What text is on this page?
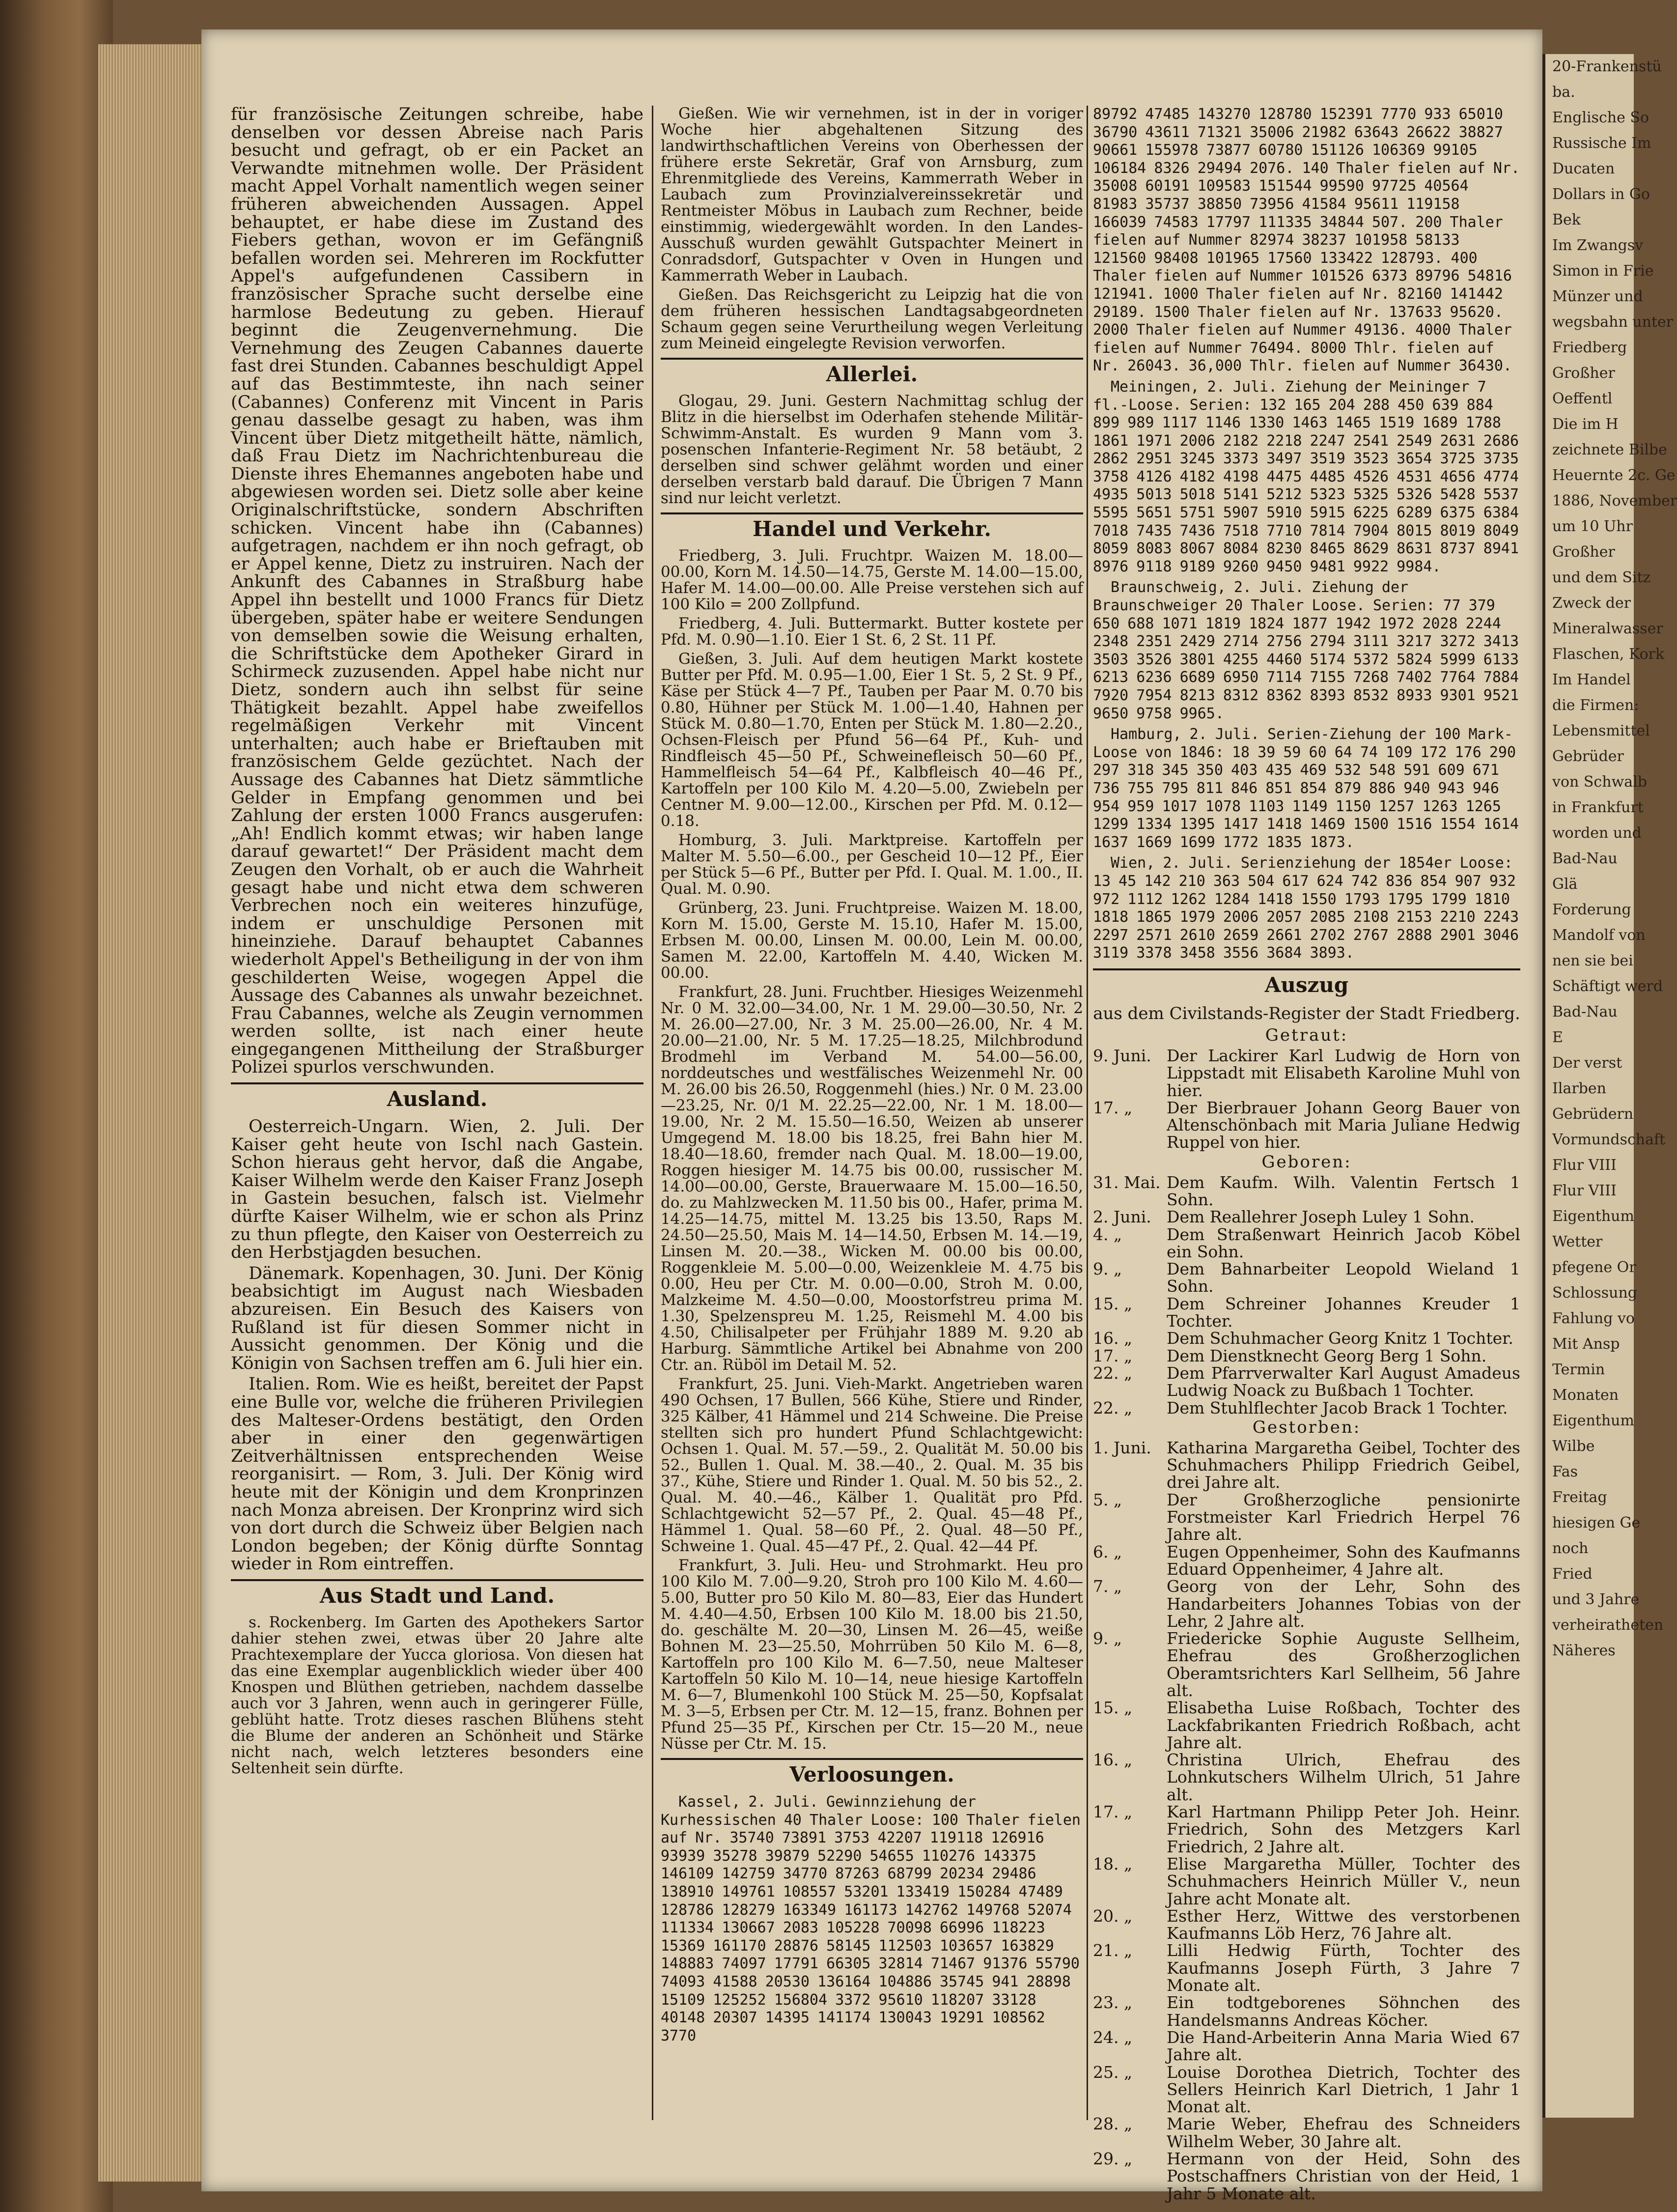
für französische Zeitungen schreibe, habe denselben vor dessen Abreise nach Paris besucht und gefragt, ob er ein Packet an Verwandte mitnehmen wolle. Der Präsident macht Appel Vorhalt namentlich wegen seiner früheren abweichenden Aussagen. Appel behauptet, er habe diese im Zustand des Fiebers gethan, wovon er im Gefängniß befallen worden sei. Mehreren im Rockfutter Appel's aufgefundenen Cassibern in französischer Sprache sucht derselbe eine harmlose Bedeutung zu geben. Hierauf beginnt die Zeugenvernehmung. Die Vernehmung des Zeugen Cabannes dauerte fast drei Stunden. Cabannes beschuldigt Appel auf das Bestimmteste, ihn nach seiner (Cabannes) Conferenz mit Vincent in Paris genau dasselbe gesagt zu haben, was ihm Vincent über Dietz mitgetheilt hätte, nämlich, daß Frau Dietz im Nachrichtenbureau die Dienste ihres Ehemannes angeboten habe und abgewiesen worden sei. Dietz solle aber keine Originalschriftstücke, sondern Abschriften schicken. Vincent habe ihn (Cabannes) aufgetragen, nachdem er ihn noch gefragt, ob er Appel kenne, Dietz zu instruiren. Nach der Ankunft des Cabannes in Straßburg habe Appel ihn bestellt und 1000 Francs für Dietz übergeben, später habe er weitere Sendungen von demselben sowie die Weisung erhalten, die Schriftstücke dem Apotheker Girard in Schirmeck zuzusenden. Appel habe nicht nur Dietz, sondern auch ihn selbst für seine Thätigkeit bezahlt. Appel habe zweifellos regelmäßigen Verkehr mit Vincent unterhalten; auch habe er Brieftauben mit französischem Gelde gezüchtet. Nach der Aussage des Cabannes hat Dietz sämmtliche Gelder in Empfang genommen und bei Zahlung der ersten 1000 Francs ausgerufen: „Ah! Endlich kommt etwas; wir haben lange darauf gewartet!“ Der Präsident macht dem Zeugen den Vorhalt, ob er auch die Wahrheit gesagt habe und nicht etwa dem schweren Verbrechen noch ein weiteres hinzufüge, indem er unschuldige Personen mit hineinziehe. Darauf behauptet Cabannes wiederholt Appel's Betheiligung in der von ihm geschilderten Weise, wogegen Appel die Aussage des Cabannes als unwahr bezeichnet. Frau Cabannes, welche als Zeugin vernommen werden sollte, ist nach einer heute eingegangenen Mittheilung der Straßburger Polizei spurlos verschwunden.

Ausland.

Oesterreich-Ungarn. Wien, 2. Juli. Der Kaiser geht heute von Ischl nach Gastein. Schon hieraus geht hervor, daß die Angabe, Kaiser Wilhelm werde den Kaiser Franz Joseph in Gastein besuchen, falsch ist. Vielmehr dürfte Kaiser Wilhelm, wie er schon als Prinz zu thun pflegte, den Kaiser von Oesterreich zu den Herbstjagden besuchen.

Dänemark. Kopenhagen, 30. Juni. Der König beabsichtigt im August nach Wiesbaden abzureisen. Ein Besuch des Kaisers von Rußland ist für diesen Sommer nicht in Aussicht genommen. Der König und die Königin von Sachsen treffen am 6. Juli hier ein.

Italien. Rom. Wie es heißt, bereitet der Papst eine Bulle vor, welche die früheren Privilegien des Malteser-Ordens bestätigt, den Orden aber in einer den gegenwärtigen Zeitverhältnissen entsprechenden Weise reorganisirt. — Rom, 3. Juli. Der König wird heute mit der Königin und dem Kronprinzen nach Monza abreisen. Der Kronprinz wird sich von dort durch die Schweiz über Belgien nach London begeben; der König dürfte Sonntag wieder in Rom eintreffen.

Aus Stadt und Land.

s. Rockenberg. Im Garten des Apothekers Sartor dahier stehen zwei, etwas über 20 Jahre alte Prachtexemplare der Yucca gloriosa. Von diesen hat das eine Exemplar augenblicklich wieder über 400 Knospen und Blüthen getrieben, nachdem dasselbe auch vor 3 Jahren, wenn auch in geringerer Fülle, geblüht hatte. Trotz dieses raschen Blühens steht die Blume der anderen an Schönheit und Stärke nicht nach, welch letzteres besonders eine Seltenheit sein dürfte.

Gießen. Wie wir vernehmen, ist in der in voriger Woche hier abgehaltenen Sitzung des landwirthschaftlichen Vereins von Oberhessen der frühere erste Sekretär, Graf von Arnsburg, zum Ehrenmitgliede des Vereins, Kammerrath Weber in Laubach zum Provinzialvereinssekretär und Rentmeister Möbus in Laubach zum Rechner, beide einstimmig, wiedergewählt worden. In den Landes-Ausschuß wurden gewählt Gutspachter Meinert in Conradsdorf, Gutspachter v Oven in Hungen und Kammerrath Weber in Laubach.

Gießen. Das Reichsgericht zu Leipzig hat die von dem früheren hessischen Landtagsabgeordneten Schaum gegen seine Verurtheilung wegen Verleitung zum Meineid eingelegte Revision verworfen.

Allerlei.

Glogau, 29. Juni. Gestern Nachmittag schlug der Blitz in die hierselbst im Oderhafen stehende Militär-Schwimm-Anstalt. Es wurden 9 Mann vom 3. posenschen Infanterie-Regiment Nr. 58 betäubt, 2 derselben sind schwer gelähmt worden und einer derselben verstarb bald darauf. Die Übrigen 7 Mann sind nur leicht verletzt.

Handel und Verkehr.

Friedberg, 3. Juli. Fruchtpr. Waizen M. 18.00—00.00, Korn M. 14.50—14.75, Gerste M. 14.00—15.00, Hafer M. 14.00—00.00. Alle Preise verstehen sich auf 100 Kilo = 200 Zollpfund.

Friedberg, 4. Juli. Buttermarkt. Butter kostete per Pfd. M. 0.90—1.10. Eier 1 St. 6, 2 St. 11 Pf.

Gießen, 3. Juli. Auf dem heutigen Markt kostete Butter per Pfd. M. 0.95—1.00, Eier 1 St. 5, 2 St. 9 Pf., Käse per Stück 4—7 Pf., Tauben per Paar M. 0.70 bis 0.80, Hühner per Stück M. 1.00—1.40, Hahnen per Stück M. 0.80—1.70, Enten per Stück M. 1.80—2.20., Ochsen-Fleisch per Pfund 56—64 Pf., Kuh- und Rindfleisch 45—50 Pf., Schweinefleisch 50—60 Pf., Hammelfleisch 54—64 Pf., Kalbfleisch 40—46 Pf., Kartoffeln per 100 Kilo M. 4.20—5.00, Zwiebeln per Centner M. 9.00—12.00., Kirschen per Pfd. M. 0.12—0.18.

Homburg, 3. Juli. Marktpreise. Kartoffeln per Malter M. 5.50—6.00., per Gescheid 10—12 Pf., Eier per Stück 5—6 Pf., Butter per Pfd. I. Qual. M. 1.00., II. Qual. M. 0.90.

Grünberg, 23. Juni. Fruchtpreise. Waizen M. 18.00, Korn M. 15.00, Gerste M. 15.10, Hafer M. 15.00, Erbsen M. 00.00, Linsen M. 00.00, Lein M. 00.00, Samen M. 22.00, Kartoffeln M. 4.40, Wicken M. 00.00.

Frankfurt, 28. Juni. Fruchtber. Hiesiges Weizenmehl Nr. 0 M. 32.00—34.00, Nr. 1 M. 29.00—30.50, Nr. 2 M. 26.00—27.00, Nr. 3 M. 25.00—26.00, Nr. 4 M. 20.00—21.00, Nr. 5 M. 17.25—18.25, Milchbrodund Brodmehl im Verband M. 54.00—56.00, norddeutsches und westfälisches Weizenmehl Nr. 00 M. 26.00 bis 26.50, Roggenmehl (hies.) Nr. 0 M. 23.00—23.25, Nr. 0/1 M. 22.25—22.00, Nr. 1 M. 18.00—19.00, Nr. 2 M. 15.50—16.50, Weizen ab unserer Umgegend M. 18.00 bis 18.25, frei Bahn hier M. 18.40—18.60, fremder nach Qual. M. 18.00—19.00, Roggen hiesiger M. 14.75 bis 00.00, russischer M. 14.00—00.00, Gerste, Brauerwaare M. 15.00—16.50, do. zu Mahlzwecken M. 11.50 bis 00., Hafer, prima M. 14.25—14.75, mittel M. 13.25 bis 13.50, Raps M. 24.50—25.50, Mais M. 14—14.50, Erbsen M. 14.—19, Linsen M. 20.—38., Wicken M. 00.00 bis 00.00, Roggenkleie M. 5.00—0.00, Weizenkleie M. 4.75 bis 0.00, Heu per Ctr. M. 0.00—0.00, Stroh M. 0.00, Malzkeime M. 4.50—0.00, Moostorfstreu prima M. 1.30, Spelzenspreu M. 1.25, Reismehl M. 4.00 bis 4.50, Chilisalpeter per Frühjahr 1889 M. 9.20 ab Harburg. Sämmtliche Artikel bei Abnahme von 200 Ctr. an. Rüböl im Detail M. 52.

Frankfurt, 25. Juni. Vieh-Markt. Angetrieben waren 490 Ochsen, 17 Bullen, 566 Kühe, Stiere und Rinder, 325 Kälber, 41 Hämmel und 214 Schweine. Die Preise stellten sich pro hundert Pfund Schlachtgewicht: Ochsen 1. Qual. M. 57.—59., 2. Qualität M. 50.00 bis 52., Bullen 1. Qual. M. 38.—40., 2. Qual. M. 35 bis 37., Kühe, Stiere und Rinder 1. Qual. M. 50 bis 52., 2. Qual. M. 40.—46., Kälber 1. Qualität pro Pfd. Schlachtgewicht 52—57 Pf., 2. Qual. 45—48 Pf., Hämmel 1. Qual. 58—60 Pf., 2. Qual. 48—50 Pf., Schweine 1. Qual. 45—47 Pf., 2. Qual. 42—44 Pf.

Frankfurt, 3. Juli. Heu- und Strohmarkt. Heu pro 100 Kilo M. 7.00—9.20, Stroh pro 100 Kilo M. 4.60—5.00, Butter pro 50 Kilo M. 80—83, Eier das Hundert M. 4.40—4.50, Erbsen 100 Kilo M. 18.00 bis 21.50, do. geschälte M. 20—30, Linsen M. 26—45, weiße Bohnen M. 23—25.50, Mohrrüben 50 Kilo M. 6—8, Kartoffeln pro 100 Kilo M. 6—7.50, neue Malteser Kartoffeln 50 Kilo M. 10—14, neue hiesige Kartoffeln M. 6—7, Blumenkohl 100 Stück M. 25—50, Kopfsalat M. 3—5, Erbsen per Ctr. M. 12—15, franz. Bohnen per Pfund 25—35 Pf., Kirschen per Ctr. 15—20 M., neue Nüsse per Ctr. M. 15.

Verloosungen.

Kassel, 2. Juli. Gewinnziehung der Kurhessischen 40 Thaler Loose: 100 Thaler fielen auf Nr. 35740 73891 3753 42207 119118 126916 93939 35278 39879 52290 54655 110276 143375 146109 142759 34770 87263 68799 20234 29486 138910 149761 108557 53201 133419 150284 47489 128786 128279 163349 161173 142762 149768 52074 111334 130667 2083 105228 70098 66996 118223 15369 161170 28876 58145 112503 103657 163829 148883 74097 17791 66305 32814 71467 91376 55790 74093 41588 20530 136164 104886 35745 941 28898 15109 125252 156804 3372 95610 118207 33128 40148 20307 14395 141174 130043 19291 108562 3770

89792 47485 143270 128780 152391 7770 933 65010 36790 43611 71321 35006 21982 63643 26622 38827 90661 155978 73877 60780 151126 106369 99105 106184 8326 29494 2076. 140 Thaler fielen auf Nr. 35008 60191 109583 151544 99590 97725 40564 81983 35737 38850 73956 41584 95611 119158 166039 74583 17797 111335 34844 507. 200 Thaler fielen auf Nummer 82974 38237 101958 58133 121560 98408 101965 17560 133422 128793. 400 Thaler fielen auf Nummer 101526 6373 89796 54816 121941. 1000 Thaler fielen auf Nr. 82160 141442 29189. 1500 Thaler fielen auf Nr. 137633 95620. 2000 Thaler fielen auf Nummer 49136. 4000 Thaler fielen auf Nummer 76494. 8000 Thlr. fielen auf Nr. 26043. 36,000 Thlr. fielen auf Nummer 36430.

Meiningen, 2. Juli. Ziehung der Meininger 7 fl.-Loose. Serien: 132 165 204 288 450 639 884 899 989 1117 1146 1330 1463 1465 1519 1689 1788 1861 1971 2006 2182 2218 2247 2541 2549 2631 2686 2862 2951 3245 3373 3497 3519 3523 3654 3725 3735 3758 4126 4182 4198 4475 4485 4526 4531 4656 4774 4935 5013 5018 5141 5212 5323 5325 5326 5428 5537 5595 5651 5751 5907 5910 5915 6225 6289 6375 6384 7018 7435 7436 7518 7710 7814 7904 8015 8019 8049 8059 8083 8067 8084 8230 8465 8629 8631 8737 8941 8976 9118 9189 9260 9450 9481 9922 9984.

Braunschweig, 2. Juli. Ziehung der Braunschweiger 20 Thaler Loose. Serien: 77 379 650 688 1071 1819 1824 1877 1942 1972 2028 2244 2348 2351 2429 2714 2756 2794 3111 3217 3272 3413 3503 3526 3801 4255 4460 5174 5372 5824 5999 6133 6213 6236 6689 6950 7114 7155 7268 7402 7764 7884 7920 7954 8213 8312 8362 8393 8532 8933 9301 9521 9650 9758 9965.

Hamburg, 2. Juli. Serien-Ziehung der 100 Mark-Loose von 1846: 18 39 59 60 64 74 109 172 176 290 297 318 345 350 403 435 469 532 548 591 609 671 736 755 795 811 846 851 854 879 886 940 943 946 954 959 1017 1078 1103 1149 1150 1257 1263 1265 1299 1334 1395 1417 1418 1469 1500 1516 1554 1614 1637 1669 1699 1772 1835 1873.

Wien, 2. Juli. Serienziehung der 1854er Loose: 13 45 142 210 363 504 617 624 742 836 854 907 932 972 1112 1262 1284 1418 1550 1793 1795 1799 1810 1818 1865 1979 2006 2057 2085 2108 2153 2210 2243 2297 2571 2610 2659 2661 2702 2767 2888 2901 3046 3119 3378 3458 3556 3684 3893.

Auszug
aus dem Civilstands-Register der Stadt Friedberg.
Getraut:
9. Juni. Der Lackirer Karl Ludwig de Horn von Lippstadt mit Elisabeth Karoline Muhl von hier.
17. „	Der Bierbrauer Johann Georg Bauer von Altenschönbach mit Maria Juliane Hedwig Ruppel von hier.
Geboren:
31. Mai. Dem Kaufm. Wilh. Valentin Fertsch 1 Sohn.
2. Juni. Dem Reallehrer Joseph Luley 1 Sohn.
4. „	Dem Straßenwart Heinrich Jacob Köbel ein Sohn.
9. „	Dem Bahnarbeiter Leopold Wieland 1 Sohn.
15. „	Dem Schreiner Johannes Kreuder 1 Tochter.
16. „	Dem Schuhmacher Georg Knitz 1 Tochter.
17. „	Dem Dienstknecht Georg Berg 1 Sohn.
22. „	Dem Pfarrverwalter Karl August Amadeus Ludwig Noack zu Bußbach 1 Tochter.
22. „	Dem Stuhlflechter Jacob Brack 1 Tochter.
Gestorben:
1. Juni. Katharina Margaretha Geibel, Tochter des Schuhmachers Philipp Friedrich Geibel, drei Jahre alt.
5. „	Der Großherzogliche pensionirte Forstmeister Karl Friedrich Herpel 76 Jahre alt.
6. „	Eugen Oppenheimer, Sohn des Kaufmanns Eduard Oppenheimer, 4 Jahre alt.
7. „	Georg von der Lehr, Sohn des Handarbeiters Johannes Tobias von der Lehr, 2 Jahre alt.
9. „	Friedericke Sophie Auguste Sellheim, Ehefrau des Großherzoglichen Oberamtsrichters Karl Sellheim, 56 Jahre alt.
15. „	Elisabetha Luise Roßbach, Tochter des Lackfabrikanten Friedrich Roßbach, acht Jahre alt.
16. „	Christina Ulrich, Ehefrau des Lohnkutschers Wilhelm Ulrich, 51 Jahre alt.
17. „	Karl Hartmann Philipp Peter Joh. Heinr. Friedrich, Sohn des Metzgers Karl Friedrich, 2 Jahre alt.
18. „	Elise Margaretha Müller, Tochter des Schuhmachers Heinrich Müller V., neun Jahre acht Monate alt.
20. „	Esther Herz, Wittwe des verstorbenen Kaufmanns Löb Herz, 76 Jahre alt.
21. „	Lilli Hedwig Fürth, Tochter des Kaufmanns Joseph Fürth, 3 Jahre 7 Monate alt.
23. „	Ein todtgeborenes Söhnchen des Handelsmanns Andreas Köcher.
24. „	Die Hand-Arbeiterin Anna Maria Wied 67 Jahre alt.
25. „	Louise Dorothea Dietrich, Tochter des Sellers Heinrich Karl Dietrich, 1 Jahr 1 Monat alt.
28. „	Marie Weber, Ehefrau des Schneiders Wilhelm Weber, 30 Jahre alt.
29. „	Hermann von der Heid, Sohn des Postschaffners Christian von der Heid, 1 Jahr 5 Monate alt.
20-Frankenstü
ba.
Englische So
Russische Im
Ducaten
Dollars in Go
Bek
Im Zwangsv
Simon in Frie
Münzer und
wegsbahn unter
Friedberg
Großher
Oeffentl
Die im H
zeichnete Bilbe
Heuernte 2c. Ge
1886, November
um 10 Uhr
Großher
und dem Sitz
Zweck der
Mineralwasser
Flaschen, Kork
Im Handel
die Firmen:
Lebensmittel
Gebrüder
von Schwalb
in Frankfurt
worden und
Bad-Nau
Glä
Forderung
Mandolf von
nen sie bei
Schäftigt werd
Bad-Nau
E
Der verst
Ilarben
Gebrüdern
Vormundschaft
Flur VIII
Flur VIII
Eigenthum
Wetter
pfegene Or
Schlossung
Fahlung vo
Mit Ansp
Termin
Monaten
Eigenthum
Wilbe
Fas
Freitag
hiesigen Ge
noch
Fried
und 3 Jahre
verheiratheten
Näheres
